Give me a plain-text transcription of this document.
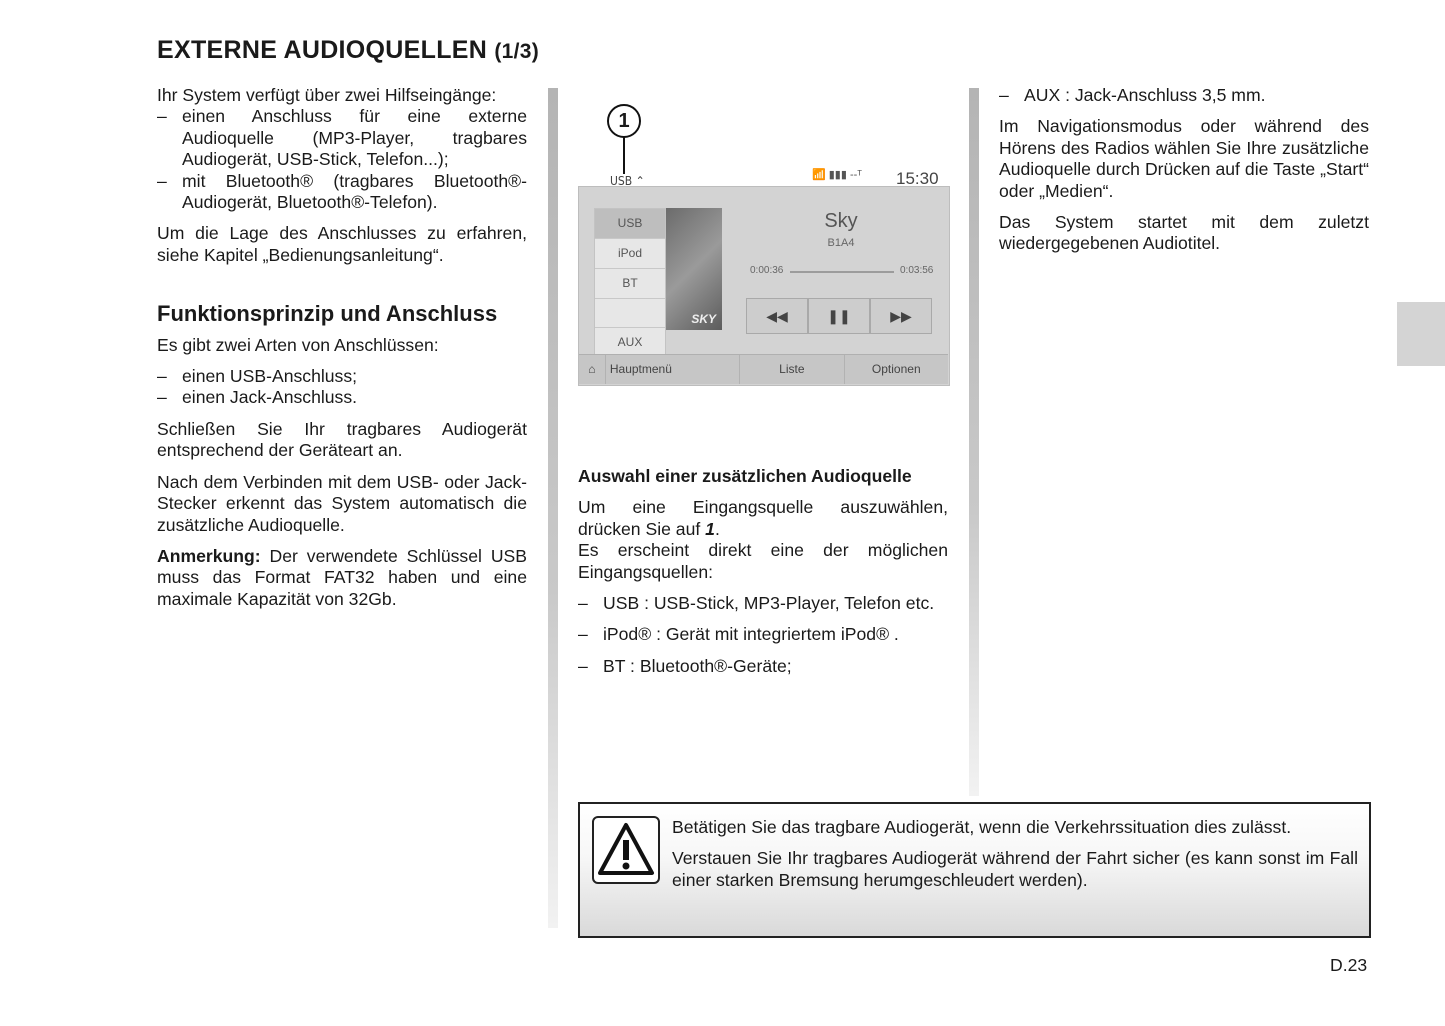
EXTERNE AUDIOQUELLEN (1/3)
Ihr System verfügt über zwei Hilfseingänge:
– einen Anschluss für eine externe Audioquelle (MP3-Player, tragbares Audiogerät, USB-Stick, Telefon...);

– mit Bluetooth® (tragbares Bluetooth®-Audiogerät, Bluetooth®-Telefon).

Um die Lage des Anschlusses zu erfahren, siehe Kapitel „Bedienungsanleitung“.

Funktionsprinzip und Anschluss

Es gibt zwei Arten von Anschlüssen:

– einen USB-Anschluss;

– einen Jack-Anschluss.

Schließen Sie Ihr tragbares Audiogerät entsprechend der Geräteart an.

Nach dem Verbinden mit dem USB- oder Jack-Stecker erkennt das System automatisch die zusätzliche Audioquelle.

Anmerkung: Der verwendete Schlüssel USB muss das Format FAT32 haben und eine maximale Kapazität von 32Gb.

1
USB ⌃	📶 ▮▮▮ --ᵀ 15:30
SKY
USB
iPod
BT
AUX
Sky
B1A4
0:00:36	0:03:56
◀◀	❚❚	▶▶
⌂	Hauptmenü	Liste	Optionen
Auswahl einer zusätzlichen Audioquelle
Um eine Eingangsquelle auszuwählen, drücken Sie auf 1.

Es erscheint direkt eine der möglichen Eingangsquellen:

– USB : USB-Stick, MP3-Player, Telefon etc.

– iPod® : Gerät mit integriertem iPod® .

– BT : Bluetooth®-Geräte;

– AUX : Jack-Anschluss 3,5 mm.

Im Navigationsmodus oder während des Hörens des Radios wählen Sie Ihre zusätzliche Audioquelle durch Drücken auf die Taste „Start“ oder „Medien“.

Das System startet mit dem zuletzt wiedergegebenen Audiotitel.

Betätigen Sie das tragbare Audiogerät, wenn die Verkehrssituation dies zulässt.

Verstauen Sie Ihr tragbares Audiogerät während der Fahrt sicher (es kann sonst im Fall einer starken Bremsung herumgeschleudert werden).

D.23
